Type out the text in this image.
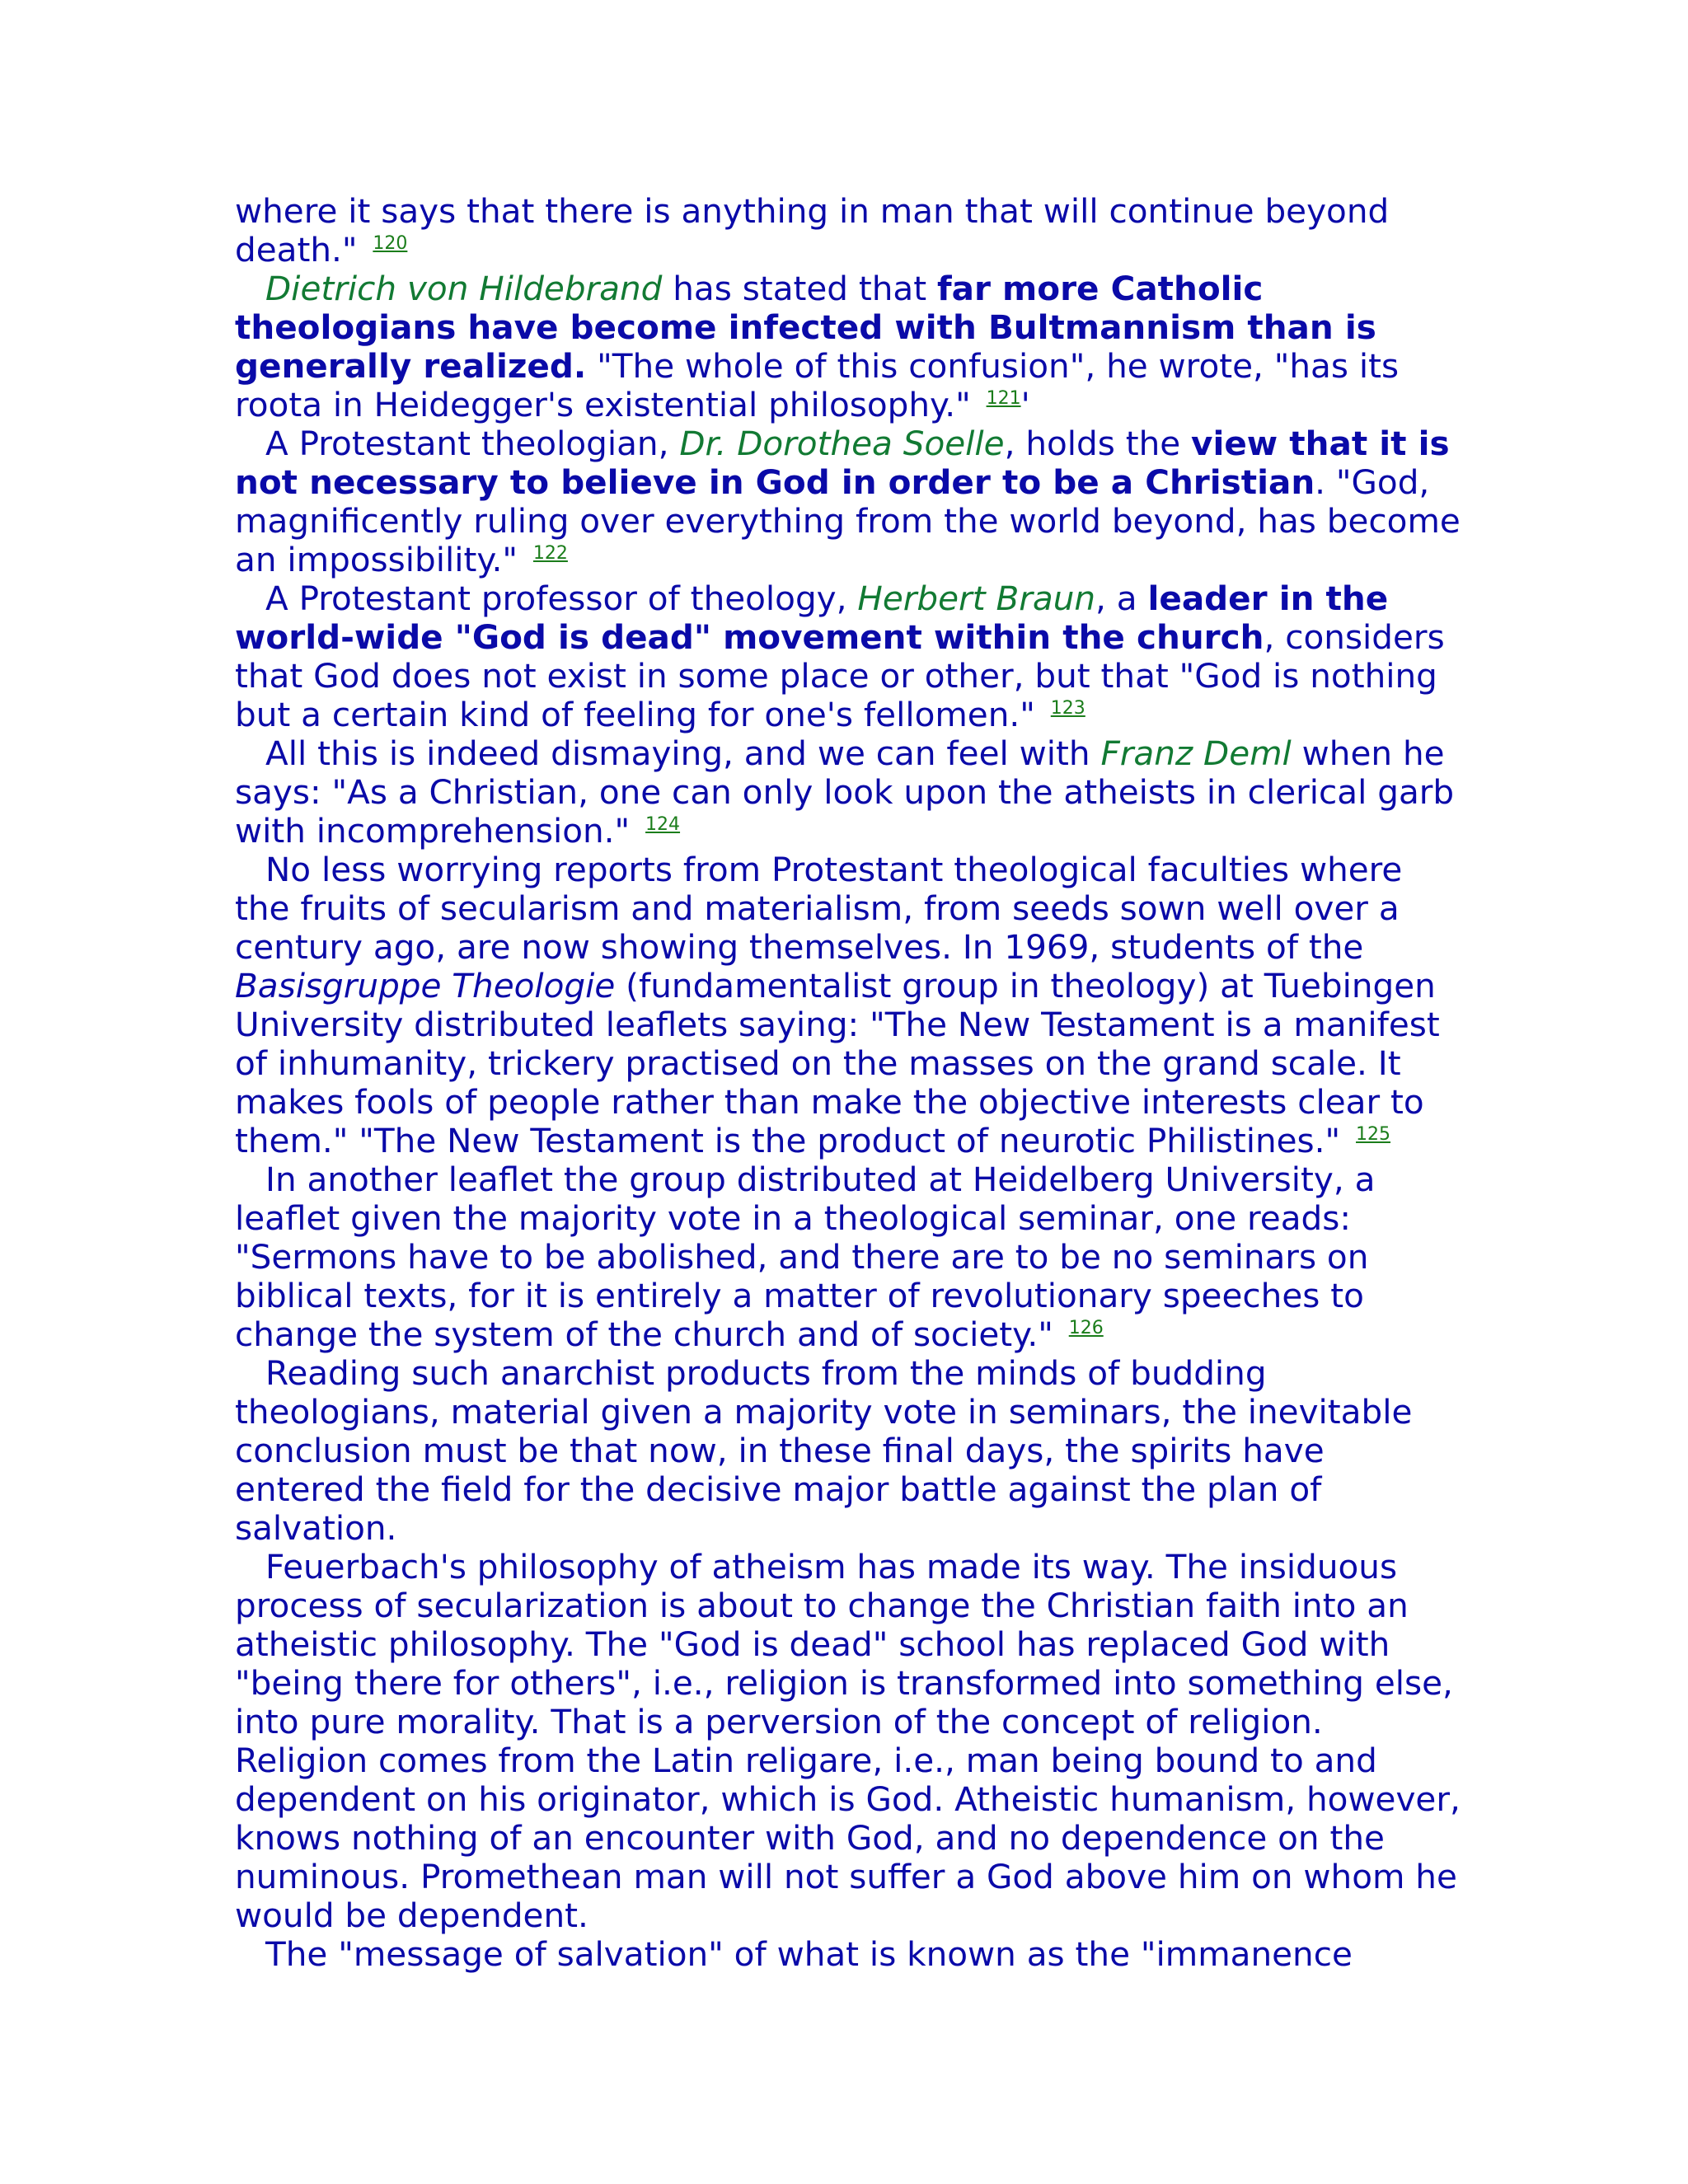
where it says that there is anything in man that will continue beyond death." $^{120}$

Dietrich von Hildebrand has stated that far more Catholic theologians have become infected with Bultmannism than is generally realized. "The whole of this confusion", he wrote, "has its roota in Heidegger's existential philosophy." $^{121}$'

A Protestant theologian, Dr. Dorothea Soelle, holds the view that it is not necessary to believe in God in order to be a Christian. "God, magnificently ruling over everything from the world beyond, has become an impossibility." $^{122}$

A Protestant professor of theology, Herbert Braun, a leader in the world-wide "God is dead" movement within the church, considers that God does not exist in some place or other, but that "God is nothing but a certain kind of feeling for one's fellomen." $^{123}$

All this is indeed dismaying, and we can feel with Franz Deml when he says: "As a Christian, one can only look upon the atheists in clerical garb with incomprehension." $^{124}$

No less worrying reports from Protestant theological faculties where the fruits of secularism and materialism, from seeds sown well over a century ago, are now showing themselves. In 1969, students of the Basisgruppe Theologie (fundamentalist group in theology) at Tuebingen University distributed leaflets saying: "The New Testament is a manifest of inhumanity, trickery practised on the masses on the grand scale. It makes fools of people rather than make the objective interests clear to them." "The New Testament is the product of neurotic Philistines." $^{125}$

In another leaflet the group distributed at Heidelberg University, a leaflet given the majority vote in a theological seminar, one reads: "Sermons have to be abolished, and there are to be no seminars on biblical texts, for it is entirely a matter of revolutionary speeches to change the system of the church and of society." $^{126}$

Reading such anarchist products from the minds of budding theologians, material given a majority vote in seminars, the inevitable conclusion must be that now, in these final days, the spirits have entered the field for the decisive major battle against the plan of salvation.

Feuerbach's philosophy of atheism has made its way. The insiduous process of secularization is about to change the Christian faith into an atheistic philosophy. The "God is dead" school has replaced God with "being there for others", i.e., religion is transformed into something else, into pure morality. That is a perversion of the concept of religion. Religion comes from the Latin religare, i.e., man being bound to and dependent on his originator, which is God. Atheistic humanism, however, knows nothing of an encounter with God, and no dependence on the numinous. Promethean man will not suffer a God above him on whom he would be dependent.

The "message of salvation" of what is known as the "immanence
